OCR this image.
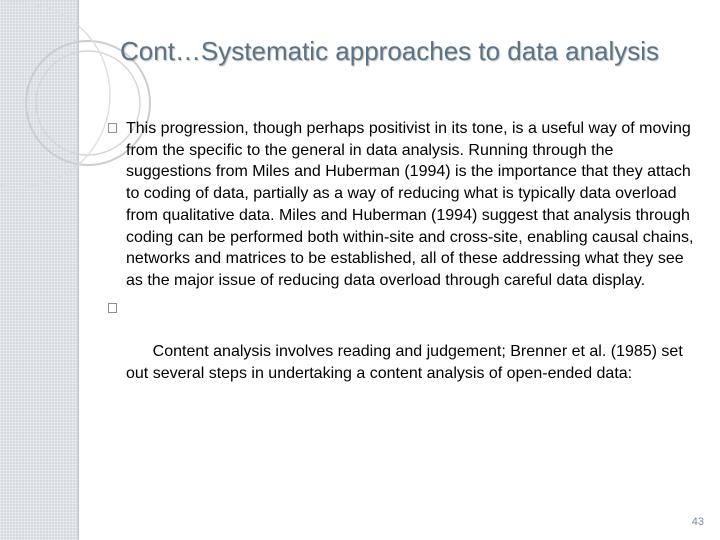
Cont…Systematic approaches to data analysis
This progression, though perhaps positivist in its tone, is a useful way of moving from the specific to the general in data analysis. Running through the suggestions from Miles and Huberman (1994) is the importance that they attach to coding of data, partially as a way of reducing what is typically data overload from qualitative data. Miles and Huberman (1994) suggest that analysis through coding can be performed both within-site and cross-site, enabling causal chains, networks and matrices to be established, all of these addressing what they see as the major issue of reducing data overload through careful data display.

Content analysis involves reading and judgement; Brenner et al. (1985) set out several steps in undertaking a content analysis of open-ended data:

43
